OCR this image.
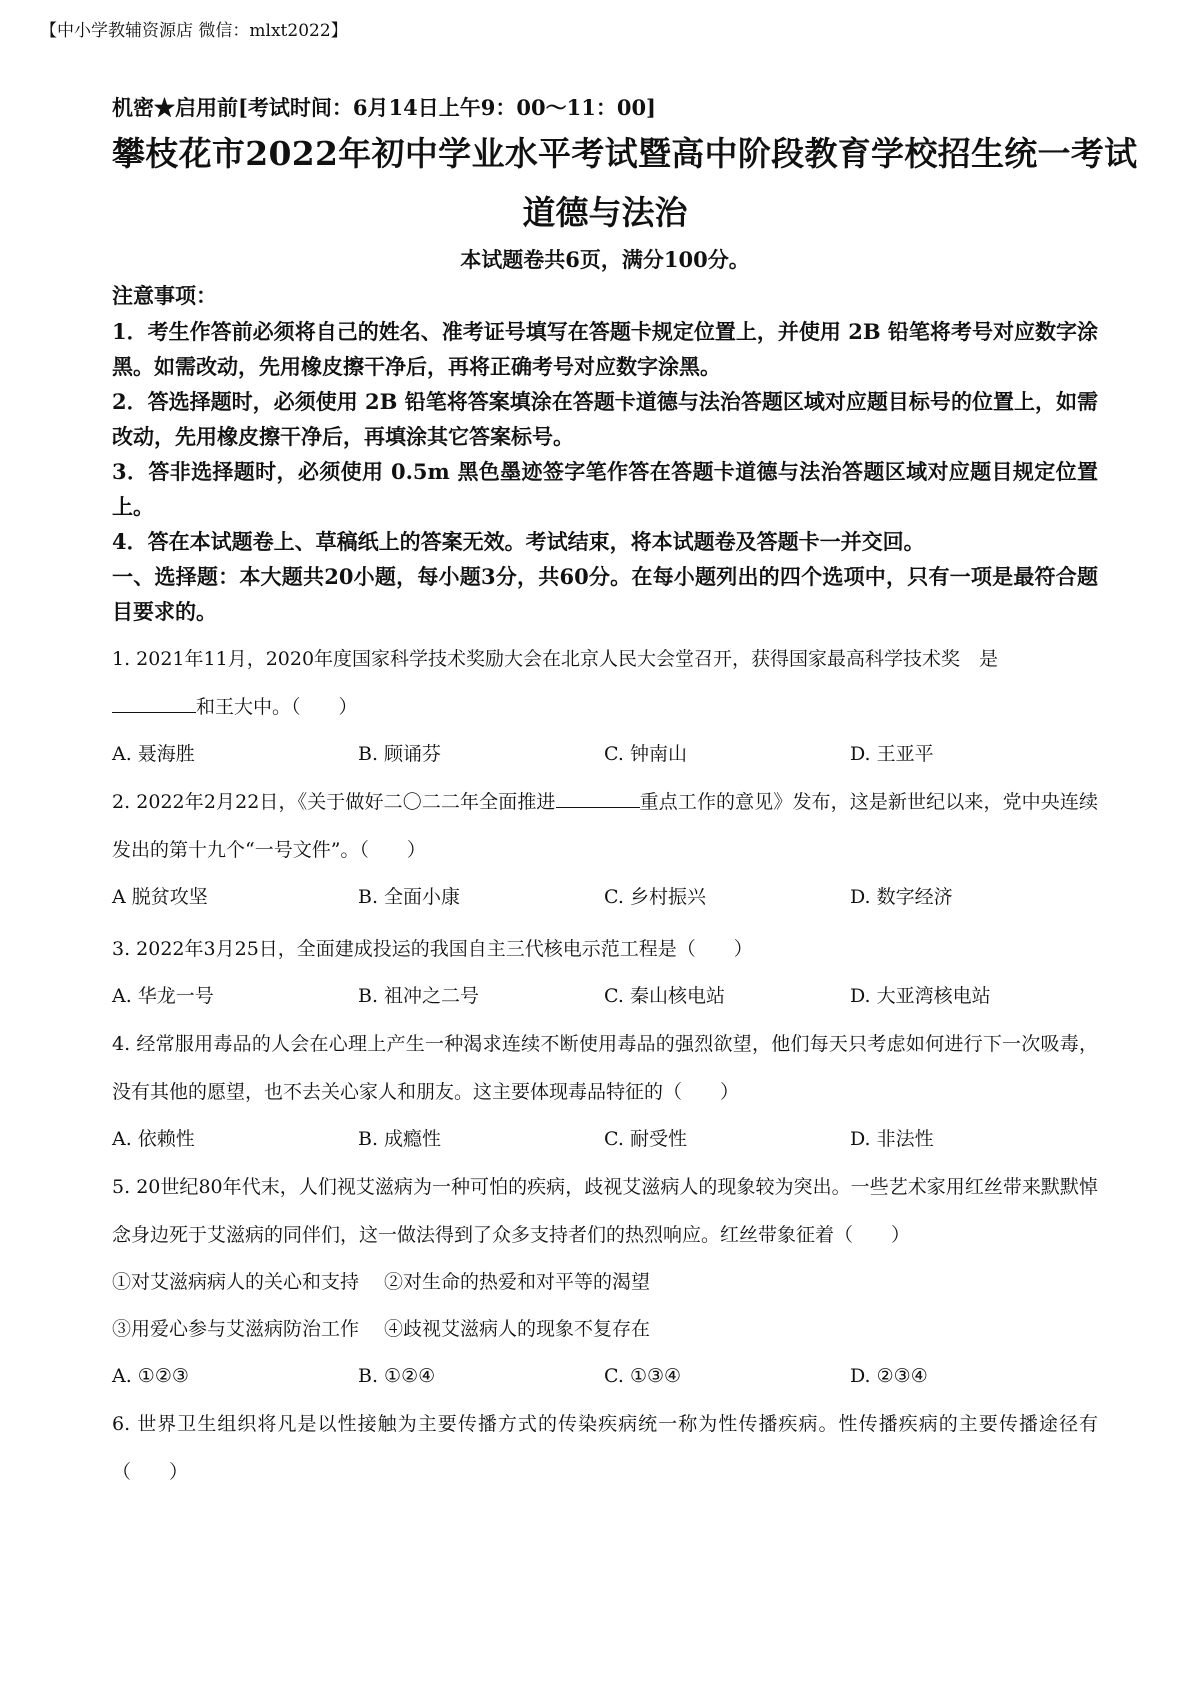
【中小学教辅资源店 微信：mlxt2022】

机密★启用前[考试时间：6月14日上午9：00～11：00]

攀枝花市2022年初中学业水平考试暨高中阶段教育学校招生统一考试

道德与法治

本试题卷共6页，满分100分。

注意事项：

1．考生作答前必须将自己的姓名、准考证号填写在答题卡规定位置上，并使用 2B 铅笔将考号对应数字涂黑。如需改动，先用橡皮擦干净后，再将正确考号对应数字涂黑。

2．答选择题时，必须使用 2B 铅笔将答案填涂在答题卡道德与法治答题区域对应题目标号的位置上，如需改动，先用橡皮擦干净后，再填涂其它答案标号。

3．答非选择题时，必须使用 0.5m 黑色墨迹签字笔作答在答题卡道德与法治答题区域对应题目规定位置上。

4．答在本试题卷上、草稿纸上的答案无效。考试结束，将本试题卷及答题卡一并交回。

一、选择题：本大题共20小题，每小题3分，共60分。在每小题列出的四个选项中，只有一项是最符合题目要求的。

1. 2021年11月，2020年度国家科学技术奖励大会在北京人民大会堂召开，获得国家最高科学技术奖　是
和王大中。（　　）

A. 聂海胜	B. 顾诵芬	C. 钟南山	D. 王亚平

2. 2022年2月22日，《关于做好二〇二二年全面推进	重点工作的意见》发布，这是新世纪以来，党中央连续发出的第十九个“一号文件”。（　　）

A 脱贫攻坚	B. 全面小康	C. 乡村振兴	D. 数字经济

3. 2022年3月25日，全面建成投运的我国自主三代核电示范工程是（　　）

A. 华龙一号	B. 祖冲之二号	C. 秦山核电站	D. 大亚湾核电站

4. 经常服用毒品的人会在心理上产生一种渴求连续不断使用毒品的强烈欲望，他们每天只考虑如何进行下一次吸毒，没有其他的愿望，也不去关心家人和朋友。这主要体现毒品特征的（　　）

A. 依赖性	B. 成瘾性	C. 耐受性	D. 非法性

5. 20世纪80年代末，人们视艾滋病为一种可怕的疾病，歧视艾滋病人的现象较为突出。一些艺术家用红丝带来默默悼念身边死于艾滋病的同伴们，这一做法得到了众多支持者们的热烈响应。红丝带象征着（　　）

①对艾滋病病人的关心和支持　 ②对生命的热爱和对平等的渴望

③用爱心参与艾滋病防治工作　 ④歧视艾滋病人的现象不复存在

A. ①②③	B. ①②④	C. ①③④	D. ②③④

6. 世界卫生组织将凡是以性接触为主要传播方式的传染疾病统一称为性传播疾病。性传播疾病的主要传播途径有（　　）
